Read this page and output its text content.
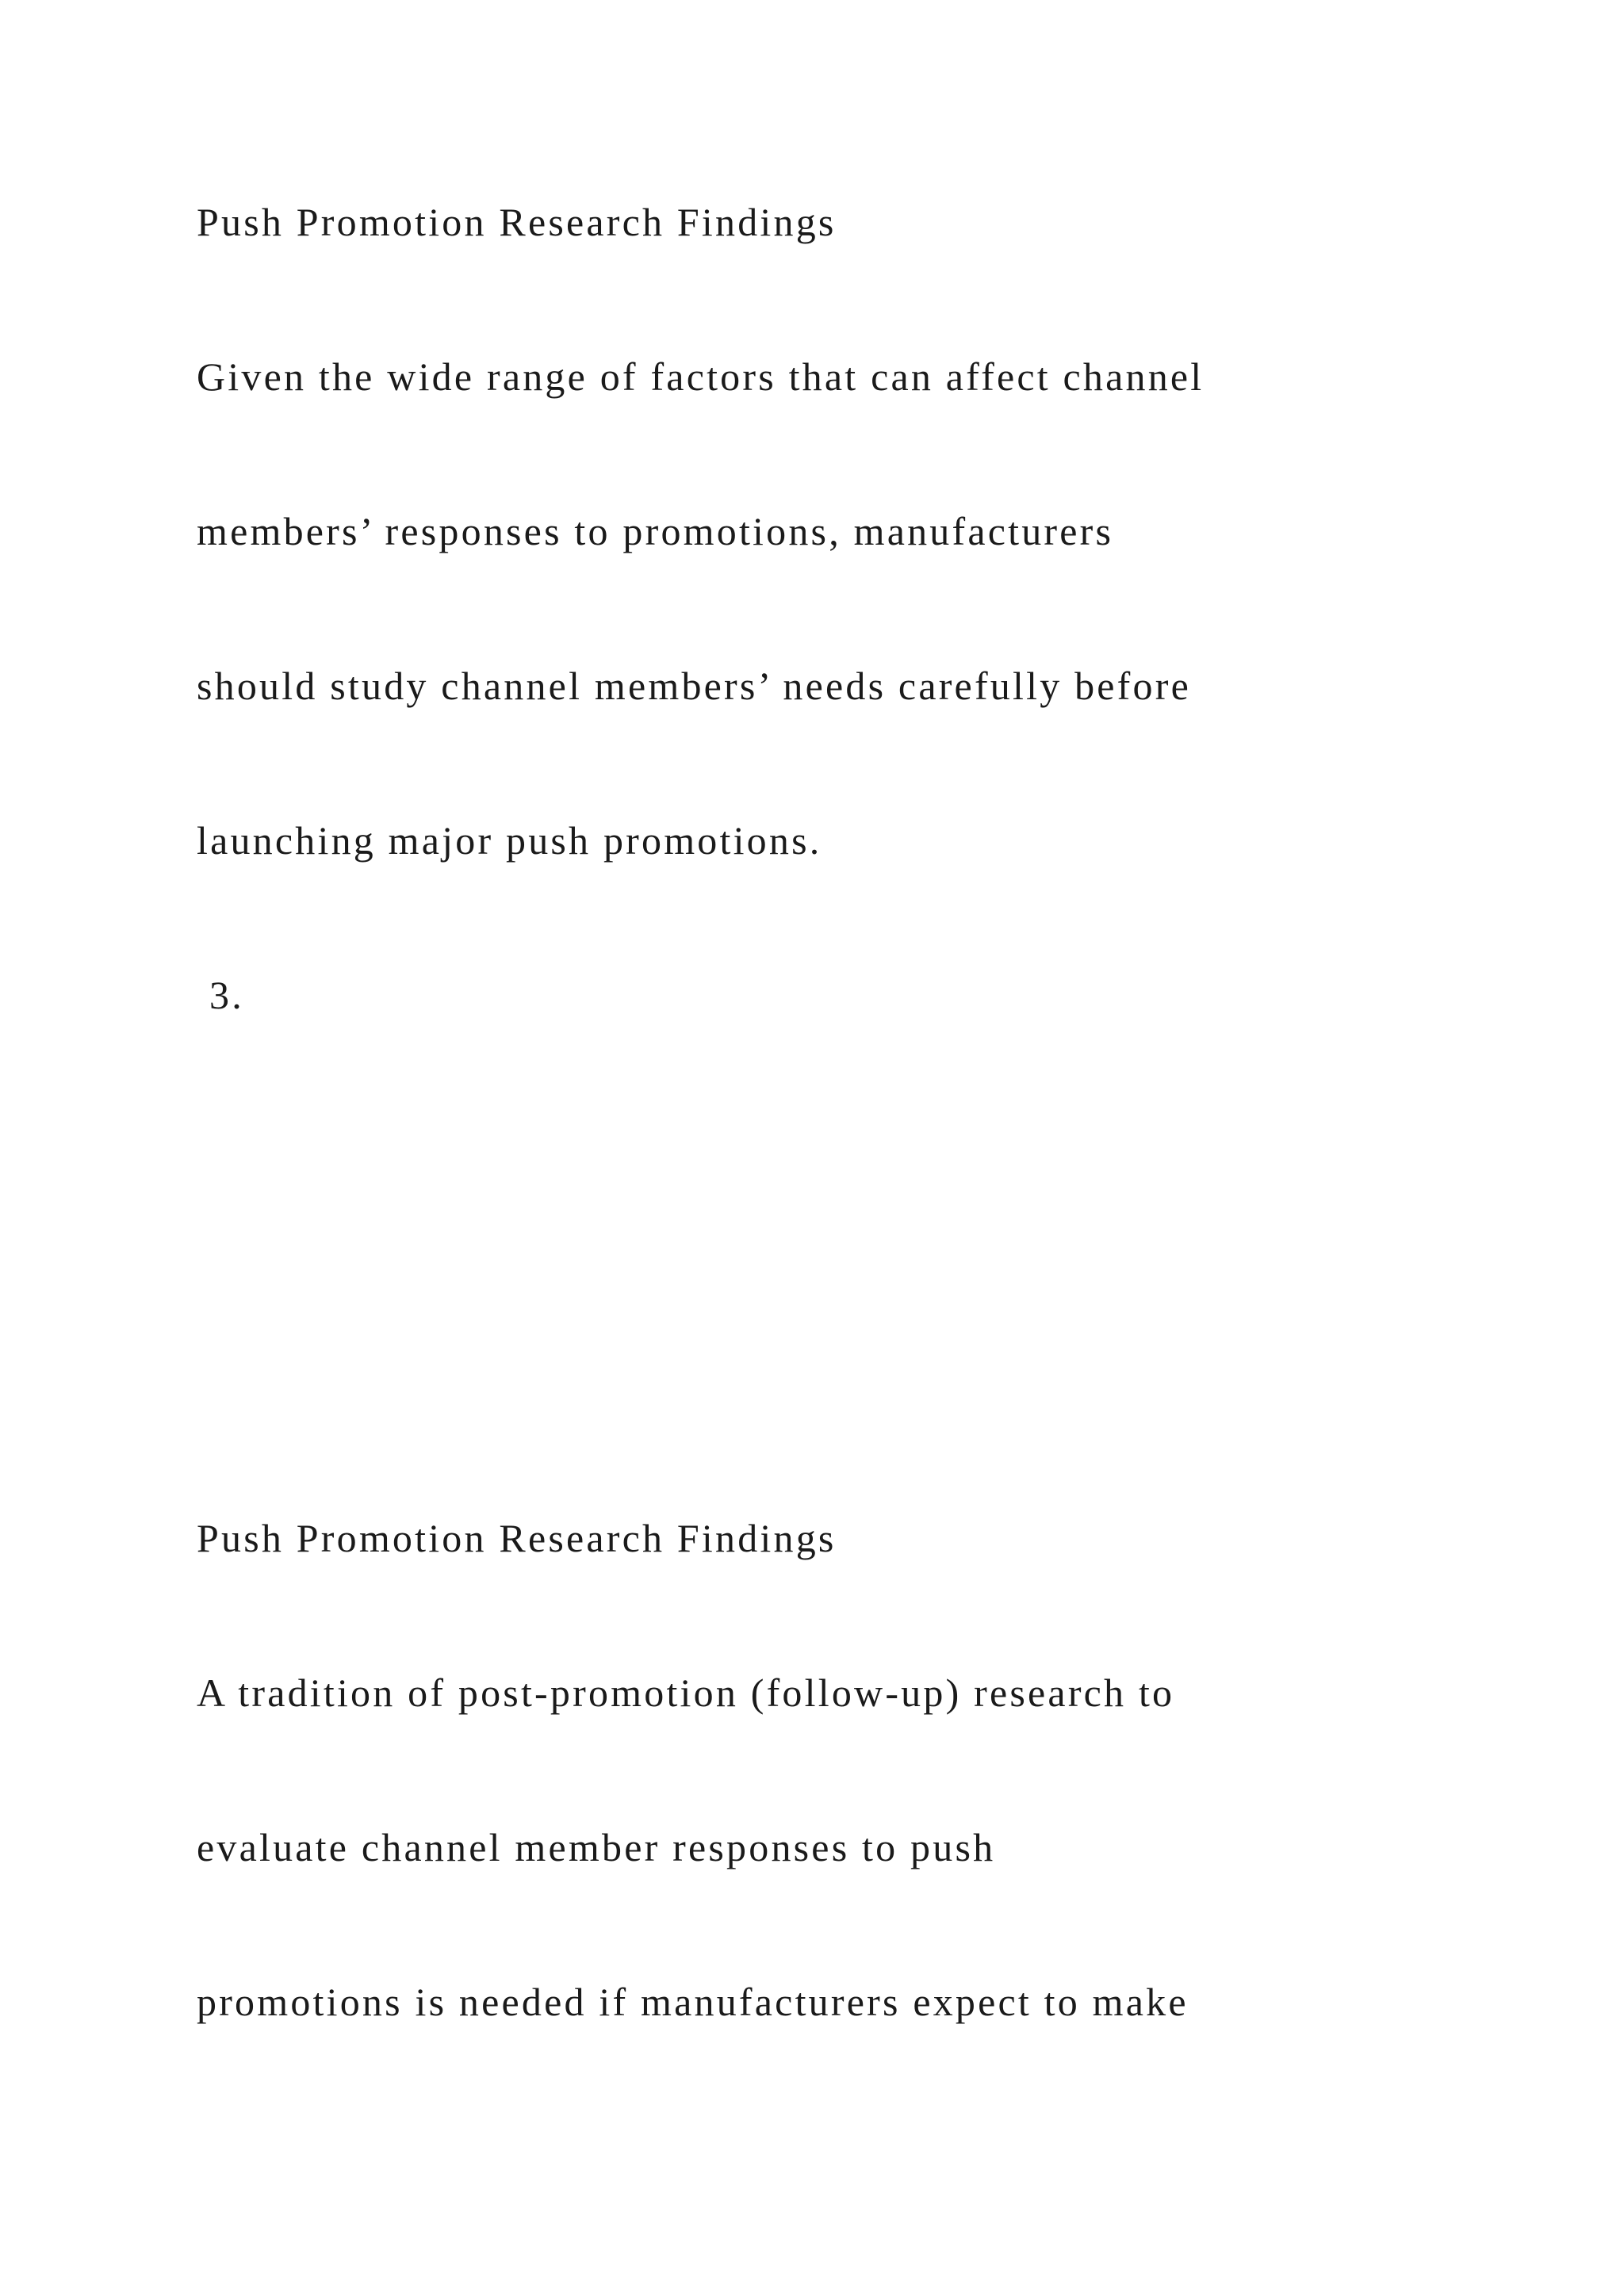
Push Promotion Research Findings

Given the wide range of factors that can affect channel

members’ responses to promotions, manufacturers

should study channel members’ needs carefully before

launching major push promotions.

3.

Push Promotion Research Findings

A tradition of post-promotion (follow-up) research to

evaluate channel member responses to push

promotions is needed if manufacturers expect to make
